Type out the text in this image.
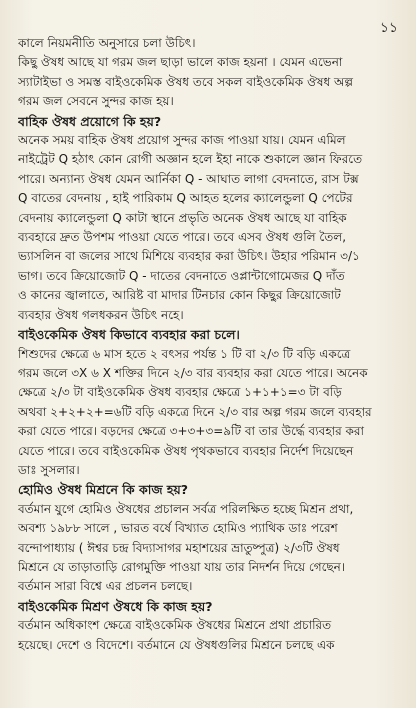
১১
কালে নিয়মনীতি অনুসারে চলা উচিৎ।
কিছু ঔষধ আছে যা গরম জল ছাড়া ভালে কাজ হয়না । যেমন এভেনা
স্যাটাইভা ও সমস্ত বাইওকেমিক ঔষধ তবে সকল বাইওকেমিক ঔষধ অল্প
গরম জল সেবনে সুন্দর কাজ হয়।
বাহিক ঔষধ প্রয়োগে কি হয়?
অনেক সময় বাহিক ঔষধ প্রয়োগ সুন্দর কাজ পাওয়া যায়। যেমন এমিল
নাইট্রেট Q হঠাৎ কোন রোগী অজ্ঞান হলে ইহা নাকে শুকালে জ্ঞান ফিরতে
পারে। অন্যান্য ঔষধ যেমন আর্নিকা Q - আঘাত লাগা বেদনাতে, রাস টক্স
Q বাতের বেদনায় , হাই পারিকাম Q আহত হলের ক্যালেন্ডুলা Q পেটের
বেদনায় ক্যালেন্ডুলা Q কাটা স্থানে প্রভৃতি অনেক ঔষধ আছে যা বাহিক
ব্যবহারে দ্রুত উপশম পাওয়া যেতে পারে। তবে এসব ঔষধ গুলি তৈল,
ভ্যাসলিন বা জলের সাথে মিশিয়ে ব্যবহার করা উচিৎ। উহার পরিমান ৩/১
ভাগ। তবে ক্রিয়োজোট Q - দাতের বেদনাতে ওপ্লান্টাগোমেজর Q দাঁত
ও কানের জ্বালাতে, আরিষ্ট বা মাদার টিনচার কোন কিছুর ক্রিয়োজোট
ব্যবহার ঔষধ গলধকরন উচিৎ নহে।
বাইওকেমিক ঔষধ কিভাবে ব্যবহার করা চলে।
শিশুদের ক্ষেত্রে ৬ মাস হতে ২ বৎসর পর্যন্ত ১ টি বা ২/৩ টি বড়ি একত্রে
গরম জলে ৩X ৬ X শক্তির দিনে ২/৩ বার ব্যবহার করা যেতে পারে। অনেক
ক্ষেত্রে ২/৩ টা বাইওকেমিক ঔষধ ব্যবহার ক্ষেত্রে ১+১+১=৩ টা বড়ি
অথবা ২+২+২+=৬টি বড়ি একত্রে দিনে ২/৩ বার অল্প গরম জলে ব্যবহার
করা যেতে পারে। বড়দের ক্ষেত্রে ৩+৩+৩=৯টি বা তার উর্দ্ধে ব্যবহার করা
যেতে পারে। তবে বাইওকেমিক ঔষধ পৃথকভাবে ব্যবহার নির্দেশ দিয়েছেন
ডাঃ সুসলার।
হোমিও ঔষধ মিশ্রনে কি কাজ হয়?
বর্তমান যুগে হোমিও ঔষধের প্রচালন সর্বত্র পরিলক্ষিত হচ্ছে মিশ্রন প্রথা,
অবশ্য ১৯৮৮ সালে , ভারত বর্ষে বিখ্যাত হোমিও প্যাথিক ডাঃ পরেশ
বন্দোপাধ্যায় ( ঈশ্বর চন্দ্র বিদ্যাসাগর মহাশয়ের ভ্রাতুষ্পুত্র) ২/৩টি ঔষধ
মিশ্রনে যে তাড়াতাড়ি রোগমুক্তি পাওয়া যায় তার নিদর্শন দিয়ে গেছেন।
বর্তমান সারা বিশ্বে এর প্রচলন চলছে।
বাইওকেমিক মিশ্রণ ঔষধে কি কাজ হয়?
বর্তমান অধিকাংশ ক্ষেত্রে বাইওকেমিক ঔষধের মিশ্রনে প্রথা প্রচারিত
হয়েছে। দেশে ও বিদেশে। বর্তমানে যে ঔষধগুলির মিশ্রনে চলছে এক
